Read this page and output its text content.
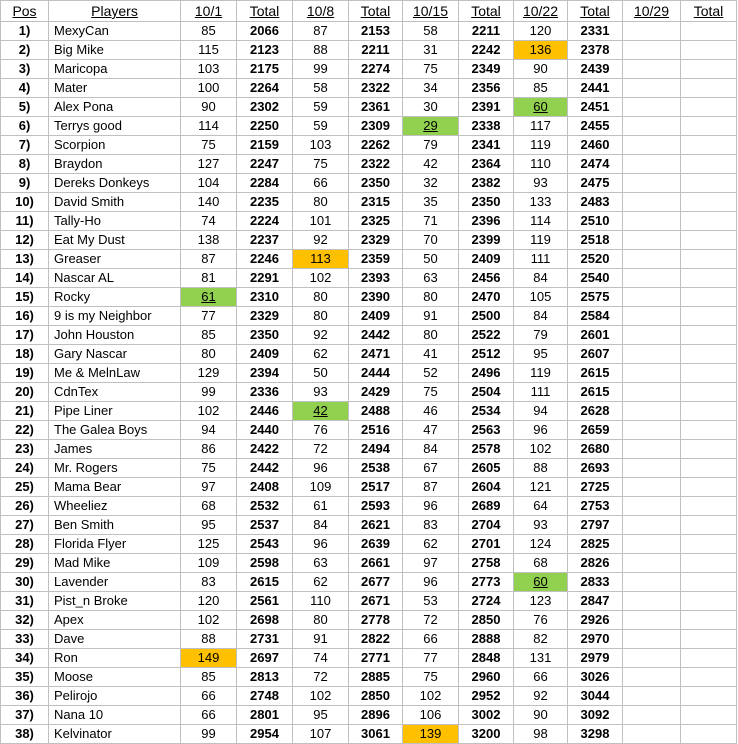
Pos	Players	10/1	Total	10/8	Total	10/15	Total	10/22	Total	10/29	Total
1)	MexyCan	85	2066	87	2153	58	2211	120	2331		
2)	Big Mike	115	2123	88	2211	31	2242	136	2378		
3)	Maricopa	103	2175	99	2274	75	2349	90	2439		
4)	Mater	100	2264	58	2322	34	2356	85	2441		
5)	Alex Pona	90	2302	59	2361	30	2391	60	2451		
6)	Terrys good	114	2250	59	2309	29	2338	117	2455		
7)	Scorpion	75	2159	103	2262	79	2341	119	2460		
8)	Braydon	127	2247	75	2322	42	2364	110	2474		
9)	Dereks Donkeys	104	2284	66	2350	32	2382	93	2475		
10)	David Smith	140	2235	80	2315	35	2350	133	2483		
11)	Tally-Ho	74	2224	101	2325	71	2396	114	2510		
12)	Eat My Dust	138	2237	92	2329	70	2399	119	2518		
13)	Greaser	87	2246	113	2359	50	2409	111	2520		
14)	Nascar AL	81	2291	102	2393	63	2456	84	2540		
15)	Rocky	61	2310	80	2390	80	2470	105	2575		
16)	9 is my Neighbor	77	2329	80	2409	91	2500	84	2584		
17)	John Houston	85	2350	92	2442	80	2522	79	2601		
18)	Gary Nascar	80	2409	62	2471	41	2512	95	2607		
19)	Me & MelnLaw	129	2394	50	2444	52	2496	119	2615		
20)	CdnTex	99	2336	93	2429	75	2504	111	2615		
21)	Pipe Liner	102	2446	42	2488	46	2534	94	2628		
22)	The Galea Boys	94	2440	76	2516	47	2563	96	2659		
23)	James	86	2422	72	2494	84	2578	102	2680		
24)	Mr. Rogers	75	2442	96	2538	67	2605	88	2693		
25)	Mama Bear	97	2408	109	2517	87	2604	121	2725		
26)	Wheeliez	68	2532	61	2593	96	2689	64	2753		
27)	Ben Smith	95	2537	84	2621	83	2704	93	2797		
28)	Florida Flyer	125	2543	96	2639	62	2701	124	2825		
29)	Mad Mike	109	2598	63	2661	97	2758	68	2826		
30)	Lavender	83	2615	62	2677	96	2773	60	2833		
31)	Pist_n Broke	120	2561	110	2671	53	2724	123	2847		
32)	Apex	102	2698	80	2778	72	2850	76	2926		
33)	Dave	88	2731	91	2822	66	2888	82	2970		
34)	Ron	149	2697	74	2771	77	2848	131	2979		
35)	Moose	85	2813	72	2885	75	2960	66	3026		
36)	Pelirojo	66	2748	102	2850	102	2952	92	3044		
37)	Nana 10	66	2801	95	2896	106	3002	90	3092		
38)	Kelvinator	99	2954	107	3061	139	3200	98	3298		
